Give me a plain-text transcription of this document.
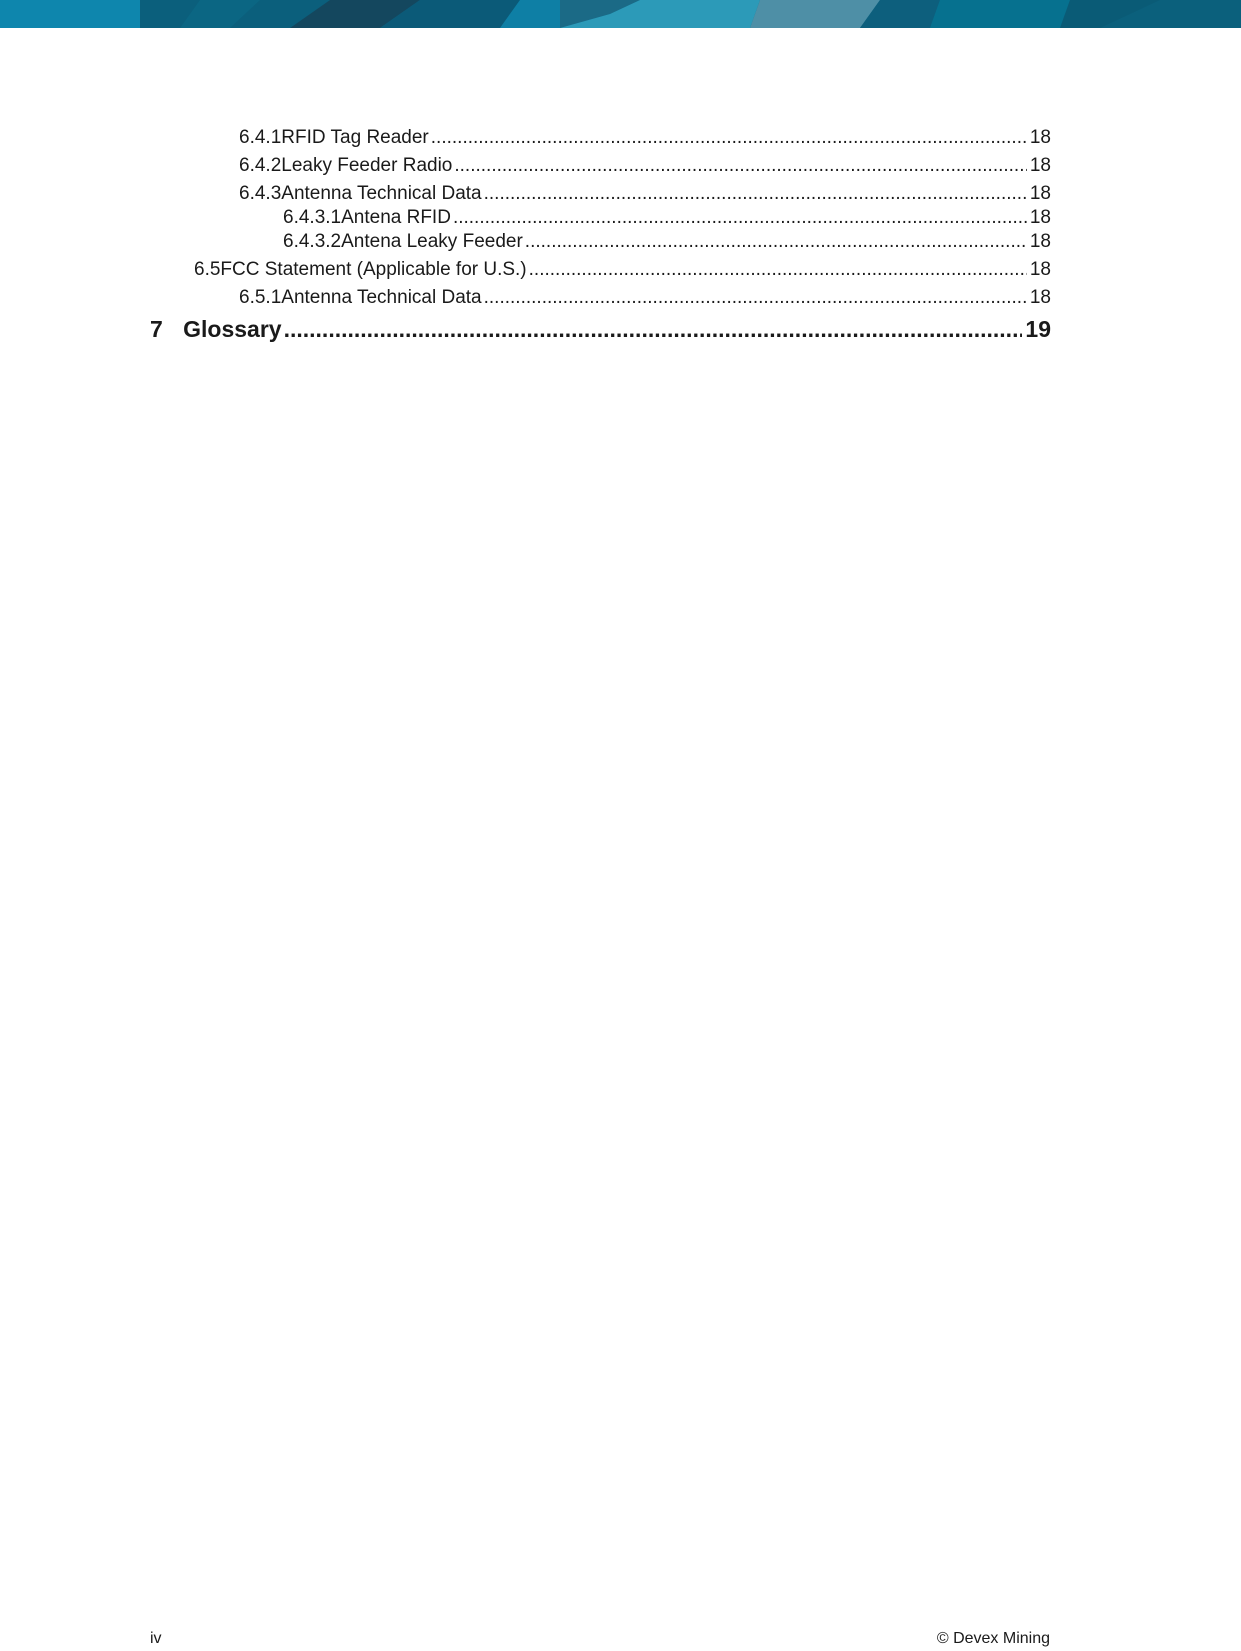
6.4.1 RFID Tag Reader .....	18
6.4.2 Leaky Feeder Radio .....	18
6.4.3 Antenna Technical Data .....	18
6.4.3.1 Antena RFID .....	18
6.4.3.2 Antena Leaky Feeder .....	18
6.5 FCC Statement (Applicable for U.S.) .....	18
6.5.1 Antenna Technical Data .....	18
7 Glossary .....	19
iv	© Devex Mining
